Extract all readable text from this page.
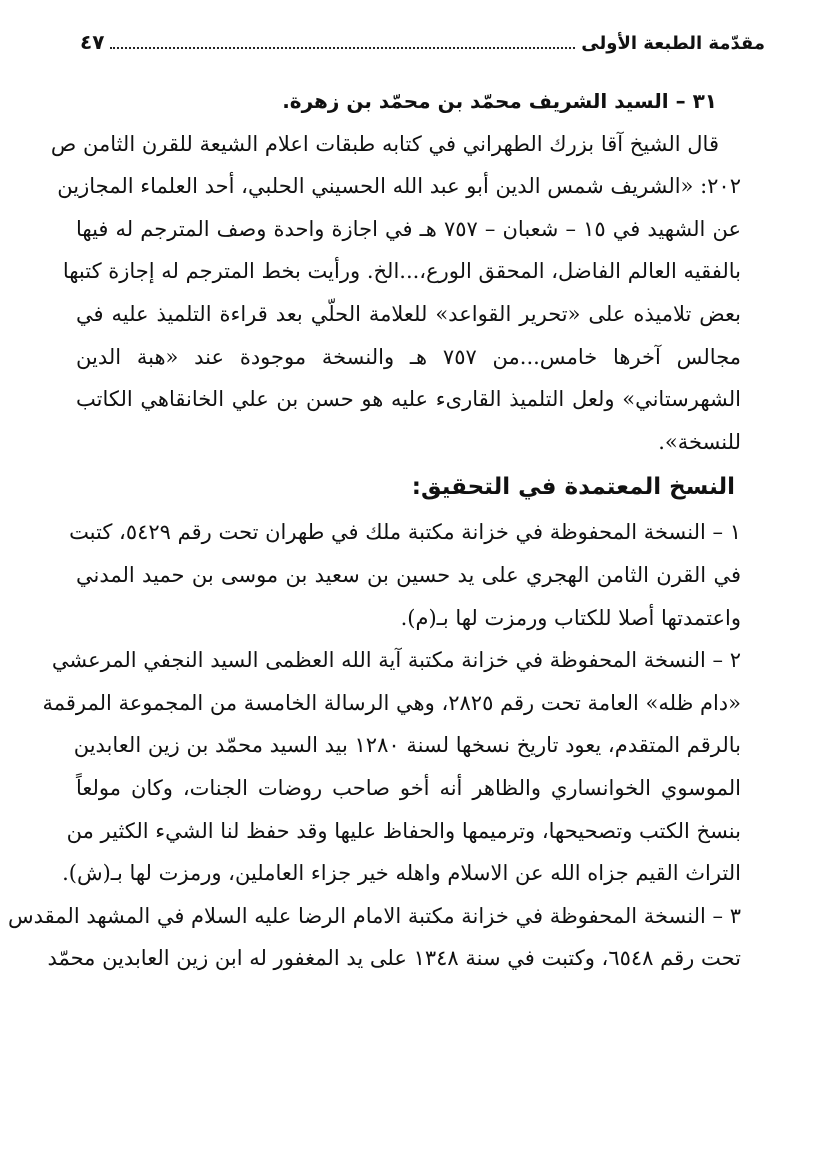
مقدّمة الطبعة الأولى
٤٧
٣١ – السيد الشريف محمّد بن محمّد بن زهرة.
قال الشيخ آقا بزرك الطهراني في كتابه طبقات اعلام الشيعة للقرن الثامن ص
٢٠٢: «الشريف شمس الدين أبو عبد الله الحسيني الحلبي، أحد العلماء المجازين
عن الشهيد في ١٥ – شعبان – ٧٥٧ هـ في اجازة واحدة وصف المترجم له فيها
بالفقيه العالم الفاضل، المحقق الورع،...الخ. ورأيت بخط المترجم له إجازة كتبها
بعض تلاميذه على «تحرير القواعد» للعلامة الحلّي بعد قراءة التلميذ عليه في
مجالس آخرها خامس...من ٧٥٧ هـ والنسخة موجودة عند «هبة الدين
الشهرستاني» ولعل التلميذ القارىء عليه هو حسن بن علي الخانقاهي الكاتب
للنسخة».
النسخ المعتمدة في التحقيق:
١ – النسخة المحفوظة في خزانة مكتبة ملك في طهران تحت رقم ٥٤٢٩، كتبت
في القرن الثامن الهجري على يد حسين بن سعيد بن موسى بن حميد المدني
واعتمدتها أصلا للكتاب ورمزت لها بـ(م).
٢ – النسخة المحفوظة في خزانة مكتبة آية الله العظمى السيد النجفي المرعشي
«دام ظله» العامة تحت رقم ٢٨٢٥، وهي الرسالة الخامسة من المجموعة المرقمة
بالرقم المتقدم، يعود تاريخ نسخها لسنة ١٢٨٠ بيد السيد محمّد بن زين العابدين
الموسوي الخوانساري والظاهر أنه أخو صاحب روضات الجنات، وكان مولعاً
بنسخ الكتب وتصحيحها، وترميمها والحفاظ عليها وقد حفظ لنا الشيء الكثير من
التراث القيم جزاه الله عن الاسلام واهله خير جزاء العاملين، ورمزت لها بـ(ش).
٣ – النسخة المحفوظة في خزانة مكتبة الامام الرضا عليه السلام في المشهد المقدس
تحت رقم ٦٥٤٨، وكتبت في سنة ١٣٤٨ على يد المغفور له ابن زين العابدين محمّد
